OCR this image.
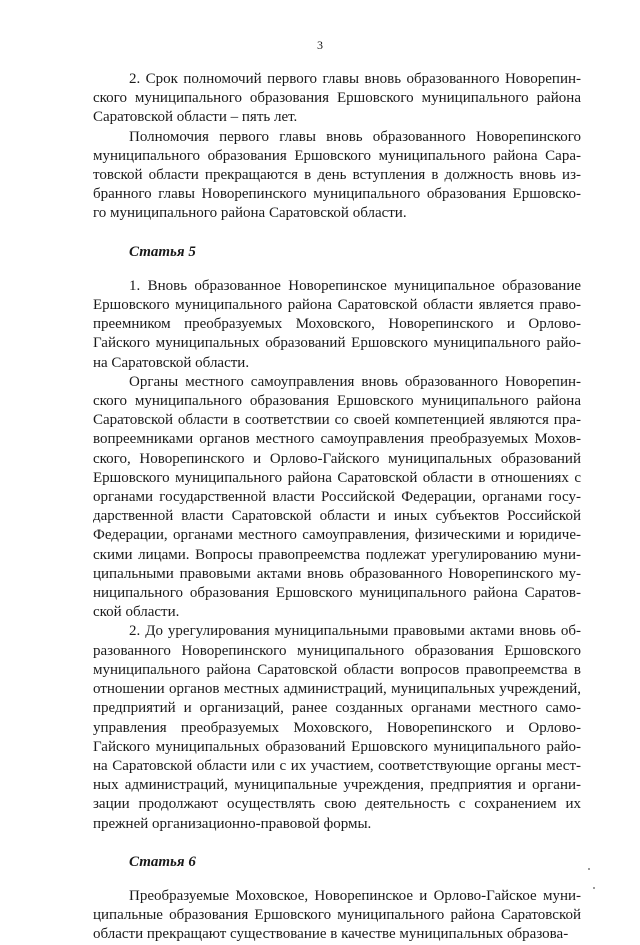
3
2. Срок полномочий первого главы вновь образованного Новорепин-
ского муниципального образования Ершовского муниципального района
Саратовской области – пять лет.
Полномочия первого главы вновь образованного Новорепинского
муниципального образования Ершовского муниципального района Сара-
товской области прекращаются в день вступления в должность вновь из-
бранного главы Новорепинского муниципального образования Ершовско-
го муниципального района Саратовской области.
Статья 5
1. Вновь образованное Новорепинское муниципальное образование
Ершовского муниципального района Саратовской области является право-
преемником преобразуемых Моховского, Новорепинского и Орлово-
Гайского муниципальных образований Ершовского муниципального райо-
на Саратовской области.
Органы местного самоуправления вновь образованного Новорепин-
ского муниципального образования Ершовского муниципального района
Саратовской области в соответствии со своей компетенцией являются пра-
вопреемниками органов местного самоуправления преобразуемых Мохов-
ского, Новорепинского и Орлово-Гайского муниципальных образований
Ершовского муниципального района Саратовской области в отношениях с
органами государственной власти Российской Федерации, органами госу-
дарственной власти Саратовской области и иных субъектов Российской
Федерации, органами местного самоуправления, физическими и юридиче-
скими лицами. Вопросы правопреемства подлежат урегулированию муни-
ципальными правовыми актами вновь образованного Новорепинского му-
ниципального образования Ершовского муниципального района Саратов-
ской области.
2. До урегулирования муниципальными правовыми актами вновь об-
разованного Новорепинского муниципального образования Ершовского
муниципального района Саратовской области вопросов правопреемства в
отношении органов местных администраций, муниципальных учреждений,
предприятий и организаций, ранее созданных органами местного само-
управления преобразуемых Моховского, Новорепинского и Орлово-
Гайского муниципальных образований Ершовского муниципального райо-
на Саратовской области или с их участием, соответствующие органы мест-
ных администраций, муниципальные учреждения, предприятия и органи-
зации продолжают осуществлять свою деятельность с сохранением их
прежней организационно-правовой формы.
Статья 6
Преобразуемые Моховское, Новорепинское и Орлово-Гайское муни-
ципальные образования Ершовского муниципального района Саратовской
области прекращают существование в качестве муниципальных образова-
